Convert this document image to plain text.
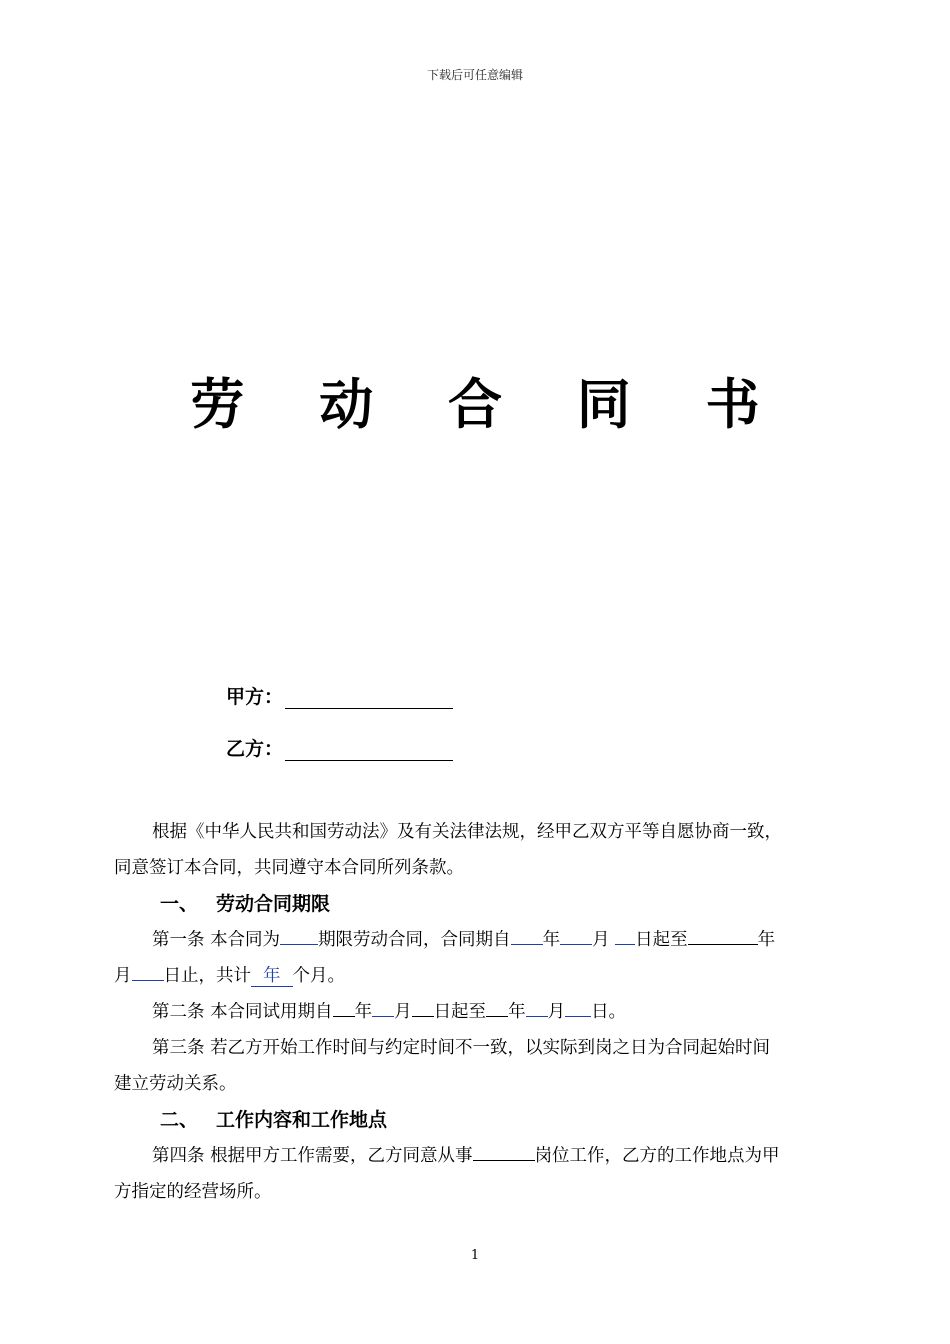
下载后可任意编辑
劳 动 合 同 书
甲方：
乙方：

根据《中华人民共和国劳动法》及有关法律法规，经甲乙双方平等自愿协商一致，

同意签订本合同，共同遵守本合同所列条款。

一、 劳动合同期限

第一条 本合同为 期限劳动合同，合同期自 年 月 日起至	年

月 日止，共计 年 个月。

第二条 本合同试用期自 年 月 日起至 年 月 日。

第三条 若乙方开始工作时间与约定时间不一致，以实际到岗之日为合同起始时间

建立劳动关系。

二、 工作内容和工作地点

第四条 根据甲方工作需要，乙方同意从事	岗位工作，乙方的工作地点为甲

方指定的经营场所。

1
